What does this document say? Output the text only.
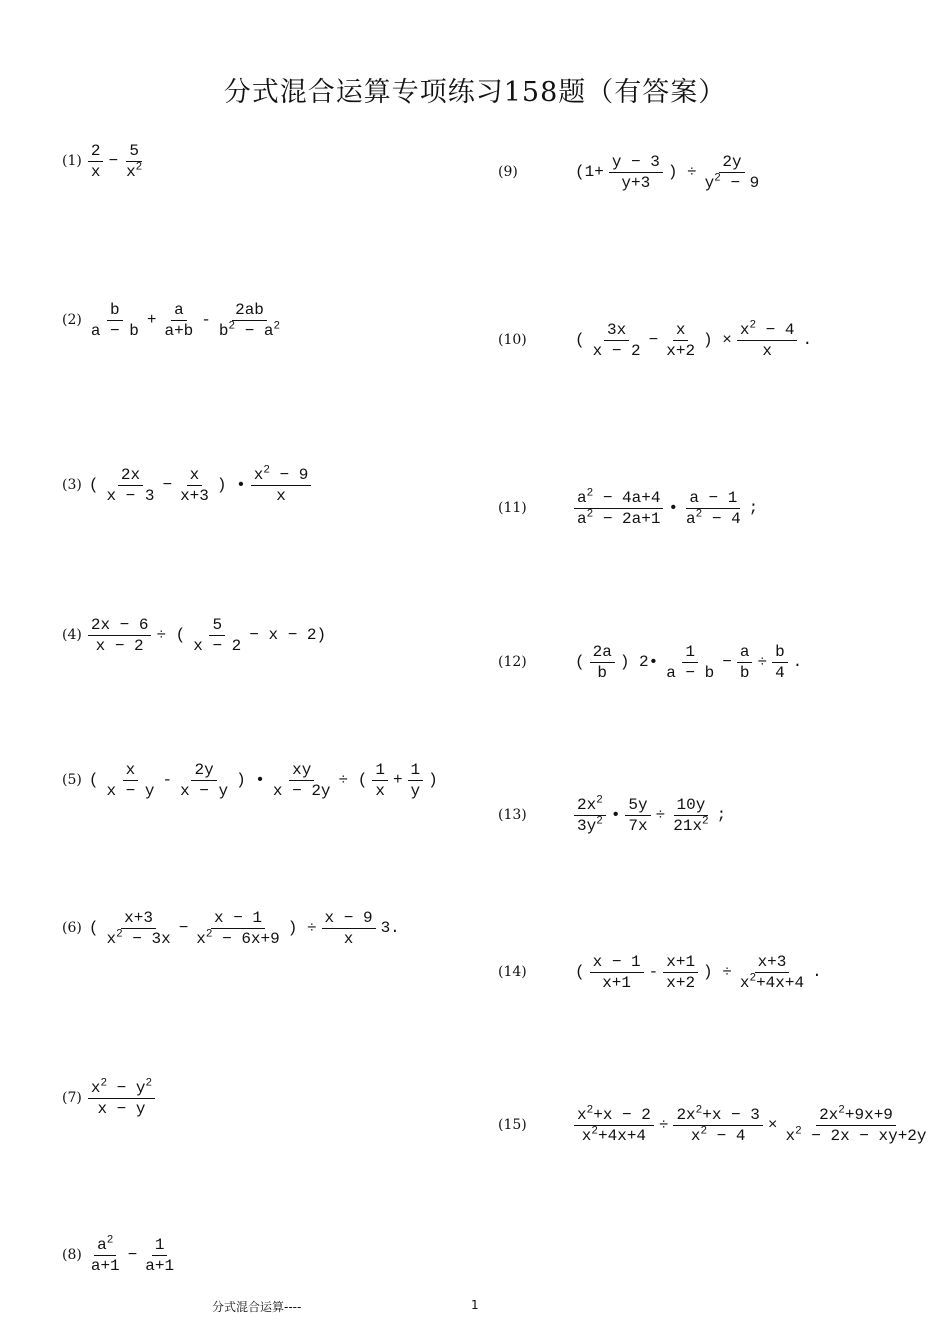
分式混合运算专项练习158题（有答案）
$(1) \frac{2}{x} - \frac{5}{x^2}$
$(2) \frac{b}{a - b} + \frac{a}{a+b} - \frac{2ab}{b^2 - a^2}$
(3) ( $\frac{2x}{x - 3} - \frac{x}{x+3}$ ) • $\frac{x^2 - 9}{x}$
$(4) \frac{2x - 6}{x - 2}$ ÷ ( $\frac{5}{x - 2} - x - 2$)
(5) ( $\frac{x}{x - y} - \frac{2y}{x - y}$ ) • $\frac{xy}{x - 2y}$ ÷ ( $\frac{1}{x} + \frac{1}{y}$ )
(6) ( $\frac{x+3}{x^2 - 3x} - \frac{x - 1}{x^2 - 6x+9}$ ) ÷ $\frac{x - 9}{x} 3$.
$(7) \frac{x^2 - y^2}{x - y}$
$(8) \frac{a^2}{a+1} - \frac{1}{a+1}$
(9)	($1+ \frac{y - 3}{y+3}$ ) ÷ $\frac{2y}{y^2 - 9}$
(10)	( $\frac{3x}{x - 2} - \frac{x}{x+2}$ ) × $\frac{x^2 - 4}{x}$ .
(11)	$\frac{a^2 - 4a+4}{a^2 - 2a+1}$ • $\frac{a - 1}{a^2 - 4}$ ;
(12)	( $\frac{2a}{b}$ ) 2• $\frac{1}{a - b} - \frac{a}{b} \div \frac{b}{4}$ .
(13)	$\frac{2x^2}{3y^2}$ • $\frac{5y}{7x} \div \frac{10y}{21x^2}$ ;
(14)	( $\frac{x - 1}{x+1} - \frac{x+1}{x+2}$ ) ÷ $\frac{x+3}{x^2+4x+4}$ .
(15)	$\frac{x^2+x - 2}{x^2+4x+4} \div \frac{2x^2+x - 3}{x^2 - 4} \times \frac{2x^2+9x+9}{x^2 - 2x - xy+2y}$
分式混合运算----	1
